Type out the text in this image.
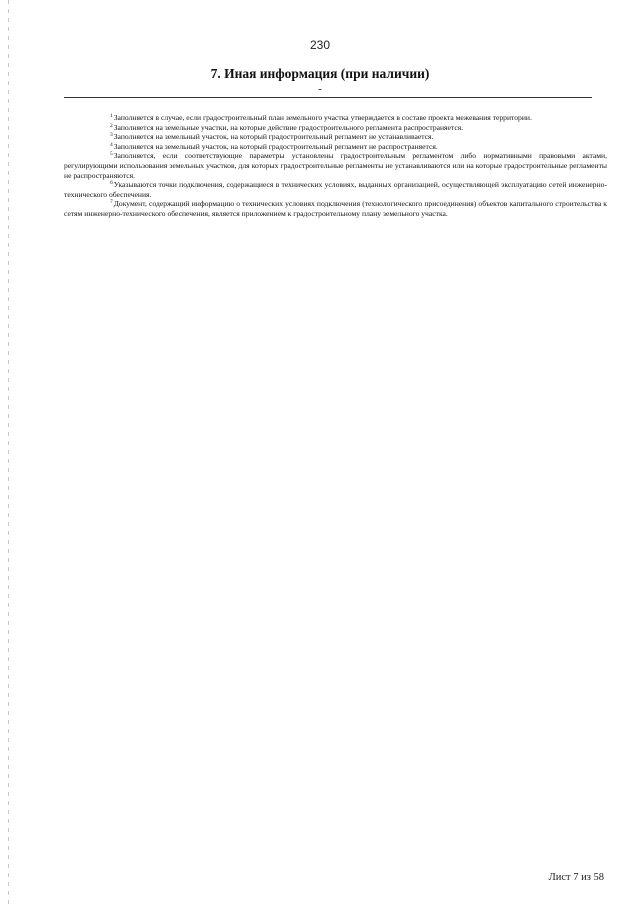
230
7. Иная информация (при наличии)
-

$^1$Заполняется в случае, если градостроительный план земельного участка утверждается в составе проекта межевания территории.

$^2$Заполняется на земельные участки, на которые действие градостроительного регламента распространяется.

$^3$Заполняется на земельный участок, на который градостроительный регламент не устанавливается.

$^4$Заполняется на земельный участок, на который градостроительный регламент не распространяется.

$^5$Заполняется, если соответствующие параметры установлены градостроительным регламентом либо нормативными правовыми актами, регулирующими использования земельных участков, для которых градостроительные регламенты не устанавливаются или на которые градостроительные регламенты не распространяются.

$^6$Указываются точки подключения, содержащиеся в технических условиях, выданных организацией, осуществляющей эксплуатацию сетей инженерно-технического обеспечения.

$^7$Документ, содержащий информацию о технических условиях подключения (технологического присоединения) объектов капитального строительства к сетям инженерно-технического обеспечения, является приложением к градостроительному плану земельного участка.

Лист 7 из 58
